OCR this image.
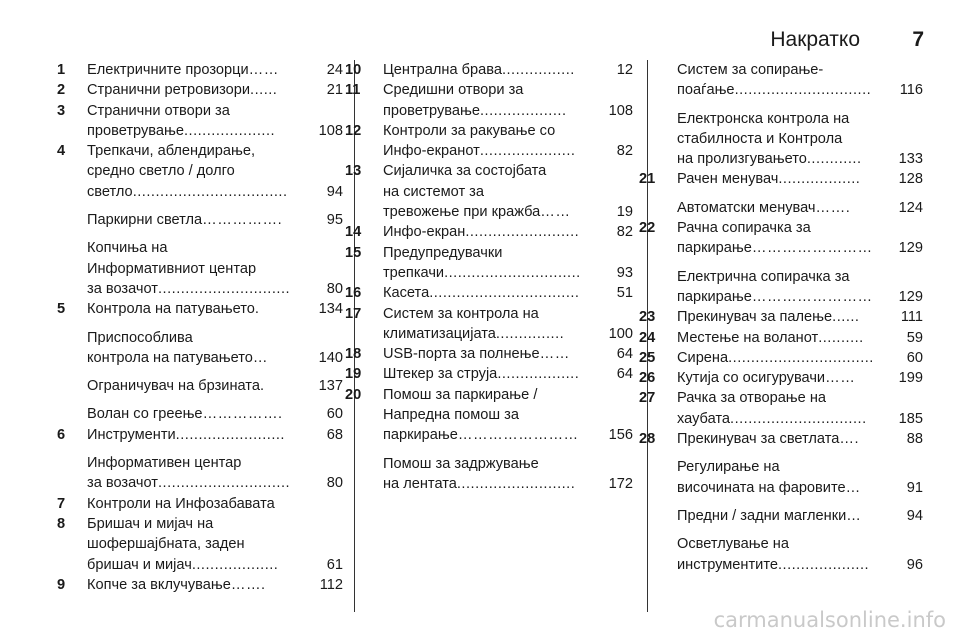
Накратко 7
1	Електричните прозорци ……	24
2	Странични ретровизори ......	21
3	Странични отвори за
проветрување ....................	108
4	Трепкачи, аблендирање,
средно светло / долго
светло ..................................	94
Паркирни светла …………….	95
Копчиња на
Информативниот центар
за возачот .............................	80
5	Контрола на патувањето .	134
Приспособлива
контрола на патувањето …	140
Ограничувач на брзината .	137
Волан со греење …………….	60
6	Инструменти ........................	68
Информативен центар
за возачот .............................	80
7	Контроли на Инфозабавата
8	Бришач и мијач на
шофершајбната, заден
бришач и мијач ...................	61
9	Копче за вклучување …….	112
10	Централна брава ................	12
11	Средишни отвори за
проветрување ...................	108
12	Контроли за ракување со
Инфо-екранот .....................	82
13	Сијаличка за состојбата
на системот за
тревожење при кражба ……	19
14	Инфо-екран .........................	82
15	Предупредувачки
трепкачи ..............................	93
16	Касета .................................	51
17	Систем за контрола на
климатизацијата ...............	100
18	USB-порта за полнење ……	64
19	Штекер за струја ..................	64
20	Помош за паркирање /
Напредна помош за
паркирање ……………………	156
Помош за задржување
на лентата ..........................	172
Систем за сопирање-
поаѓање ..............................	116
Електронска контрола на
стабилноста и Контрола
на пролизгувањето ............	133
21	Рачен менувач ..................	128
Автоматски менувач …….	124
22	Рачна сопирачка за
паркирање ……………………	129
Електрична сопирачка за
паркирање ……………………	129
23	Прекинувач за палење ......	111
24	Местење на воланот ..........	59
25	Сирена ................................	60
26	Кутија со осигурувачи ……	199
27	Рачка за отворање на
хаубата ..............................	185
28	Прекинувач за светлата ….	88
Регулирање на
височината на фаровите …	91
Предни / задни магленки …	94
Осветлување на
инструментите ....................	96
carmanualsonline.info
